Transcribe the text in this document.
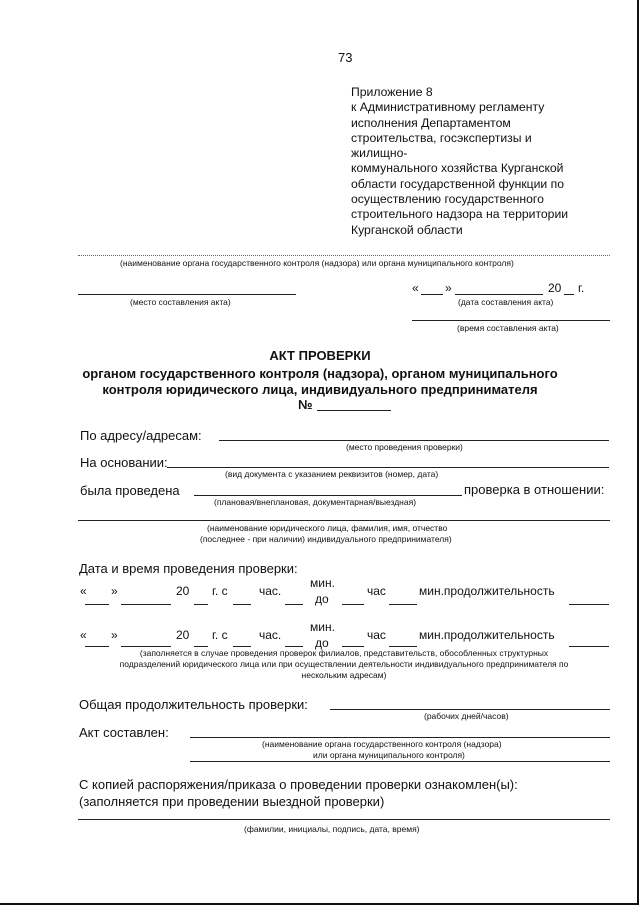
73
Приложение 8
к Административному регламенту
исполнения Департаментом
строительства, госэкспертизы и жилищно-
коммунального хозяйства Курганской
области государственной функции по
осуществлению государственного
строительного надзора на территории
Курганской области
(наименование органа государственного контроля (надзора) или органа муниципального контроля)
(место составления акта)
« »	20 г.
(дата составления акта)
(время составления акта)
АКТ ПРОВЕРКИ
органом государственного контроля (надзора), органом муниципального
контроля юридического лица, индивидуального предпринимателя
№
По адресу/адресам:
(место проведения проверки)
На основании:
(вид документа с указанием реквизитов (номер, дата)
была проведена	проверка в отношении:
(плановая/внеплановая, документарная/выездная)
(наименование юридического лица, фамилия, имя, отчество
(последнее - при наличии) индивидуального предпринимателя)
Дата и время проведения проверки:
« »	20 г. с	час.
мин.
до
час	мин.продолжительность
« »	20 г. с	час.
мин.
до
час	мин.продолжительность
(заполняется в случае проведения проверок филиалов, представительств, обособленных структурных
подразделений юридического лица или при осуществлении деятельности индивидуального предпринимателя по
нескольким адресам)
Общая продолжительность проверки:
(рабочих дней/часов)
Акт составлен:
(наименование органа государственного контроля (надзора)
или органа муниципального контроля)
С копией распоряжения/приказа о проведении проверки ознакомлен(ы):
(заполняется при проведении выездной проверки)
(фамилии, инициалы, подпись, дата, время)
